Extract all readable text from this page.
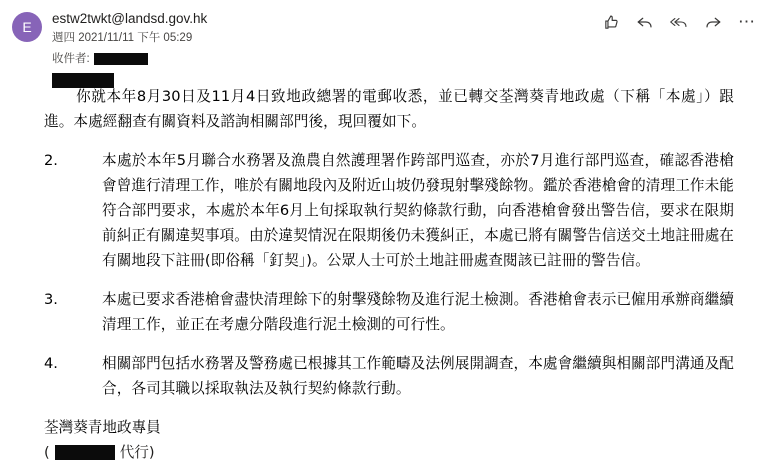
E
estw2twkt@landsd.gov.hk
週四 2021/11/11 下午 05:29
收件者:
⋯

你就本年8月30日及11月4日致地政總署的電郵收悉，並已轉交荃灣葵青地政處（下稱「本處」）跟進。本處經翻查有關資料及諮詢相關部門後，現回覆如下。

2.	本處於本年5月聯合水務署及漁農自然護理署作跨部門巡查，亦於7月進行部門巡查，確認香港槍會曾進行清理工作，唯於有關地段內及附近山坡仍發現射擊殘餘物。鑑於香港槍會的清理工作未能符合部門要求，本處於本年6月上旬採取執行契約條款行動，向香港槍會發出警告信，要求在限期前糾正有關違契事項。由於違契情況在限期後仍未獲糾正，本處已將有關警告信送交土地註冊處在有關地段下註冊(即俗稱「釘契」)。公眾人士可於土地註冊處查閱該已註冊的警告信。
3.	本處已要求香港槍會盡快清理餘下的射擊殘餘物及進行泥土檢測。香港槍會表示已僱用承辦商繼續清理工作，並正在考慮分階段進行泥土檢測的可行性。
4.	相關部門包括水務署及警務處已根據其工作範疇及法例展開調查，本處會繼續與相關部門溝通及配合，各司其職以採取執法及執行契約條款行動。
荃灣葵青地政專員
(	代行)
